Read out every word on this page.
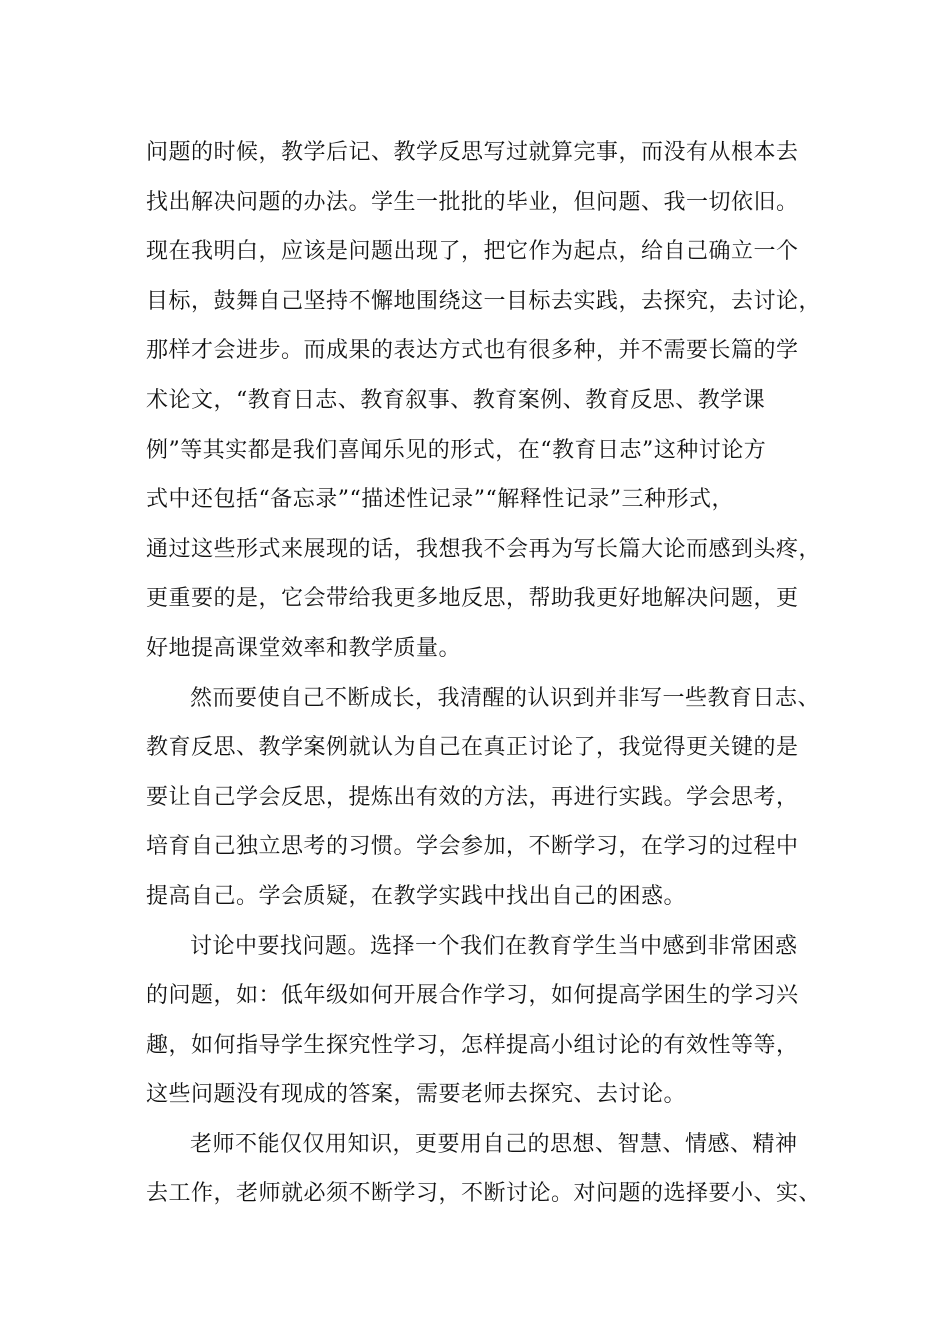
问题的时候，教学后记、教学反思写过就算完事，而没有从根本去
找出解决问题的办法。学生一批批的毕业，但问题、我一切依旧。
现在我明白，应该是问题出现了，把它作为起点，给自己确立一个
目标，鼓舞自己坚持不懈地围绕这一目标去实践，去探究，去讨论，
那样才会进步。而成果的表达方式也有很多种，并不需要长篇的学
术论文，“教育日志、教育叙事、教育案例、教育反思、教学课
例”等其实都是我们喜闻乐见的形式，在“教育日志”这种讨论方
式中还包括“备忘录”“描述性记录”“解释性记录”三种形式，
通过这些形式来展现的话，我想我不会再为写长篇大论而感到头疼，
更重要的是，它会带给我更多地反思，帮助我更好地解决问题，更
好地提高课堂效率和教学质量。
然而要使自己不断成长，我清醒的认识到并非写一些教育日志、
教育反思、教学案例就认为自己在真正讨论了，我觉得更关键的是
要让自己学会反思，提炼出有效的方法，再进行实践。学会思考，
培育自己独立思考的习惯。学会参加，不断学习，在学习的过程中
提高自己。学会质疑，在教学实践中找出自己的困惑。
讨论中要找问题。选择一个我们在教育学生当中感到非常困惑
的问题，如：低年级如何开展合作学习，如何提高学困生的学习兴
趣，如何指导学生探究性学习，怎样提高小组讨论的有效性等等，
这些问题没有现成的答案，需要老师去探究、去讨论。
老师不能仅仅用知识，更要用自己的思想、智慧、情感、精神
去工作，老师就必须不断学习，不断讨论。对问题的选择要小、实、
